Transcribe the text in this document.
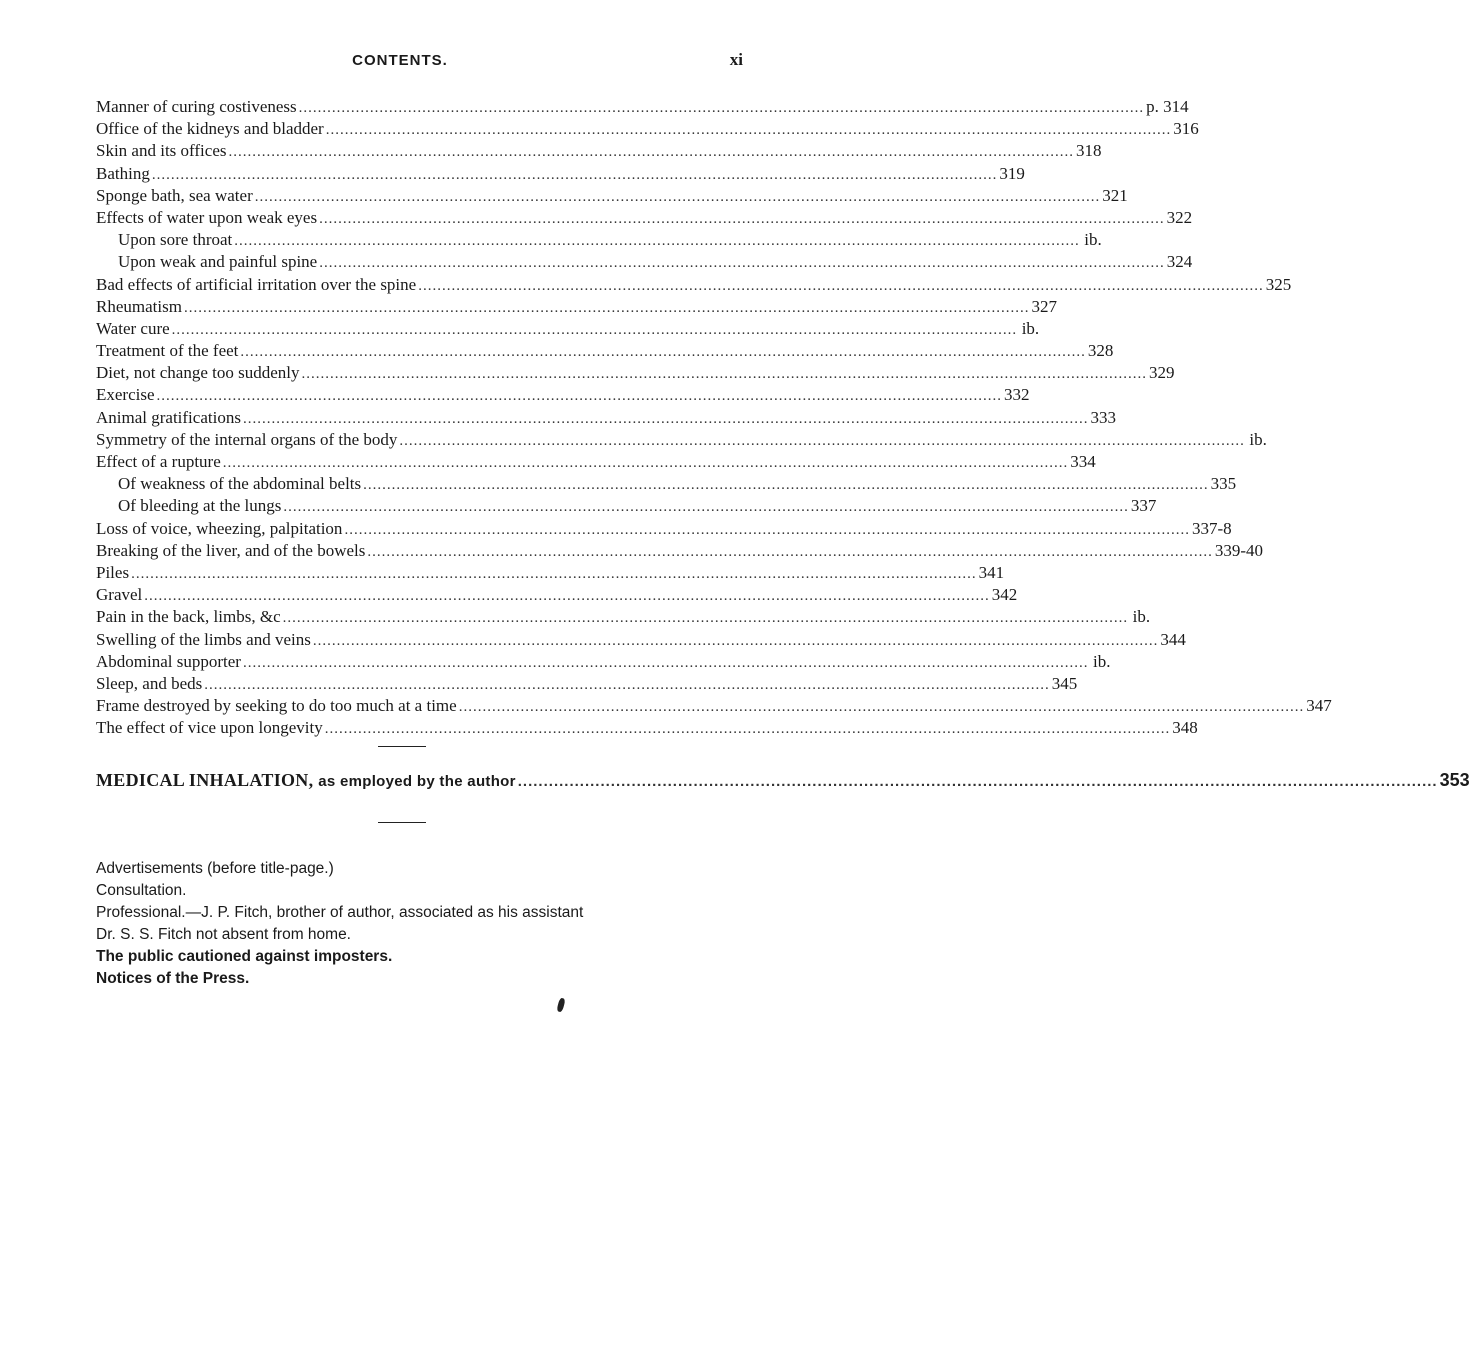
CONTENTS.	xi
Manner of curing costiveness .....	p. 314
Office of the kidneys and bladder .....	316
Skin and its offices .....	318
Bathing .....	319
Sponge bath, sea water .....	321
Effects of water upon weak eyes .....	322
Upon sore throat .....	ib.
Upon weak and painful spine .....	324
Bad effects of artificial irritation over the spine .....	325
Rheumatism .....	327
Water cure .....	ib.
Treatment of the feet .....	328
Diet, not change too suddenly .....	329
Exercise .....	332
Animal gratifications .....	333
Symmetry of the internal organs of the body .....	ib.
Effect of a rupture .....	334
Of weakness of the abdominal belts .....	335
Of bleeding at the lungs .....	337
Loss of voice, wheezing, palpitation .....	337-8
Breaking of the liver, and of the bowels .....	339-40
Piles .....	341
Gravel .....	342
Pain in the back, limbs, &c .....	ib.
Swelling of the limbs and veins .....	344
Abdominal supporter .....	ib.
Sleep, and beds .....	345
Frame destroyed by seeking to do too much at a time .....	347
The effect of vice upon longevity .....	348
MEDICAL INHALATION, as employed by the author .....	353
Advertisements (before title-page.)
Consultation.
Professional.—J. P. Fitch, brother of author, associated as his assistant
Dr. S. S. Fitch not absent from home.
The public cautioned against imposters.
Notices of the Press.
